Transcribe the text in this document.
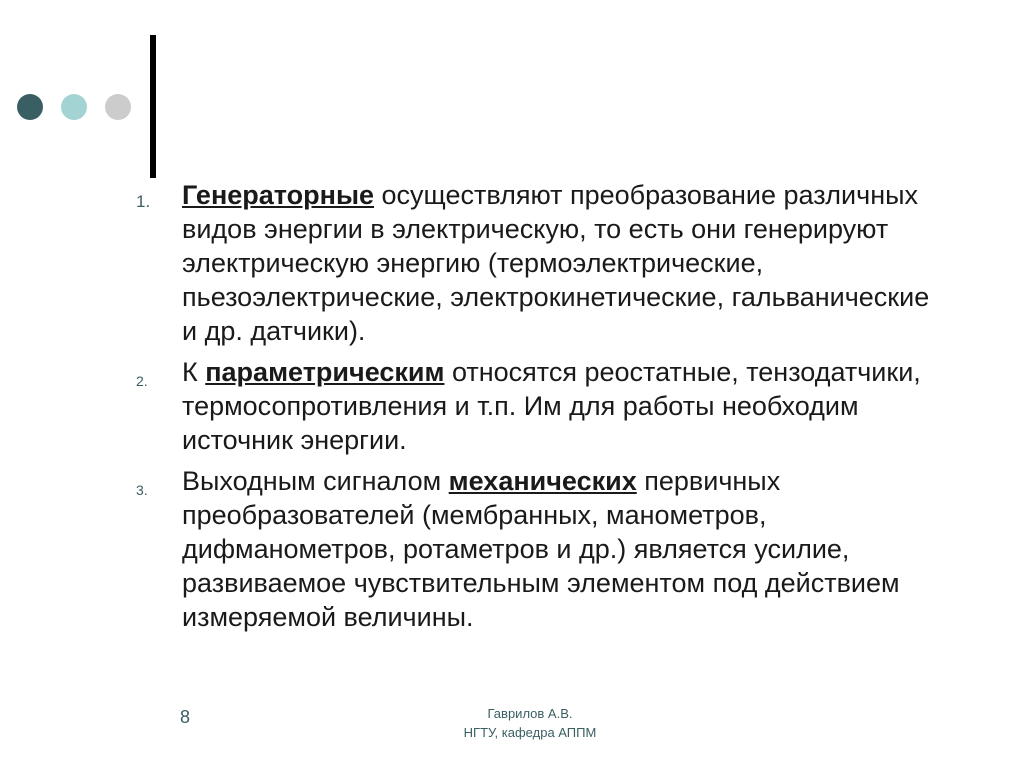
1. Генераторные осуществляют преобразование различных видов энергии в электрическую, то есть они генерируют электрическую энергию (термоэлектрические, пьезоэлектрические, электрокинетические, гальванические и др. датчики).
2. К параметрическим относятся реостатные, тензодатчики, термосопротивления и т.п. Им для работы необходим источник энергии.
3. Выходным сигналом механических первичных преобразователей (мембранных, манометров, дифманометров, ротаметров и др.) является усилие, развиваемое чувствительным элементом под действием измеряемой величины.
8	Гаврилов А.В.
НГТУ, кафедра АППМ
